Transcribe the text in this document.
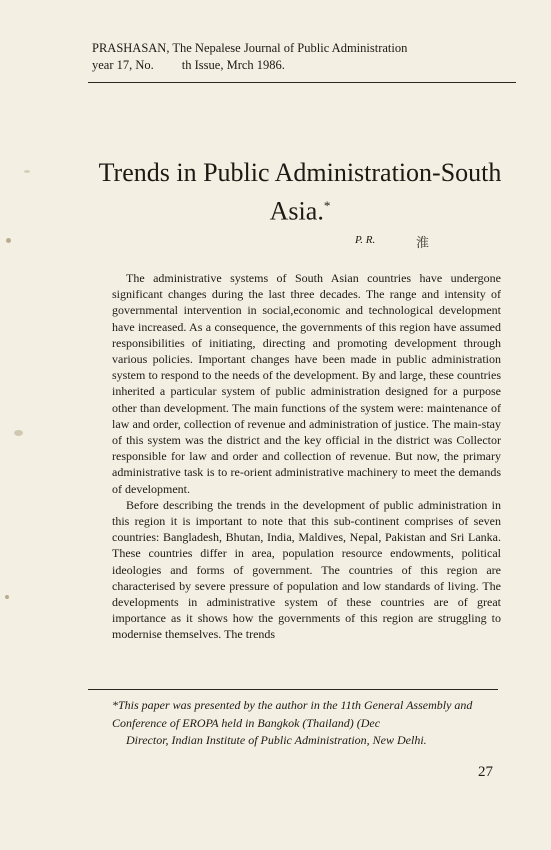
PRASHASAN, The Nepalese Journal of Public Administration
year 17, No. th Issue, Mrch 1986.
Trends in Public Administration-South
Asia.*
P. R.	淮

The administrative systems of South Asian countries have undergone significant changes during the last three decades. The range and intensity of governmental intervention in social,economic and technological development have increased. As a consequence, the governments of this region have assumed responsibilities of initiating, directing and promoting development through various policies. Important changes have been made in public administration system to respond to the needs of the development. By and large, these countries inherited a particular system of public administration designed for a purpose other than development. The main functions of the system were: maintenance of law and order, collection of revenue and administration of justice. The main-stay of this system was the district and the key official in the district was Collector responsible for law and order and collection of revenue. But now, the primary administrative task is to re-orient administrative machinery to meet the demands of development.

Before describing the trends in the development of public administration in this region it is important to note that this sub-continent comprises of seven countries: Bangladesh, Bhutan, India, Maldives, Nepal, Pakistan and Sri Lanka. These countries differ in area, population resource endowments, political ideologies and forms of government. The countries of this region are characterised by severe pressure of population and low standards of living. The developments in administrative system of these countries are of great importance as it shows how the governments of this region are struggling to modernise themselves. The trends

*This paper was presented by the author in the 11th General Assembly and
Conference of EROPA held in Bangkok (Thailand) (Dec
Director, Indian Institute of Public Administration, New Delhi.
27
